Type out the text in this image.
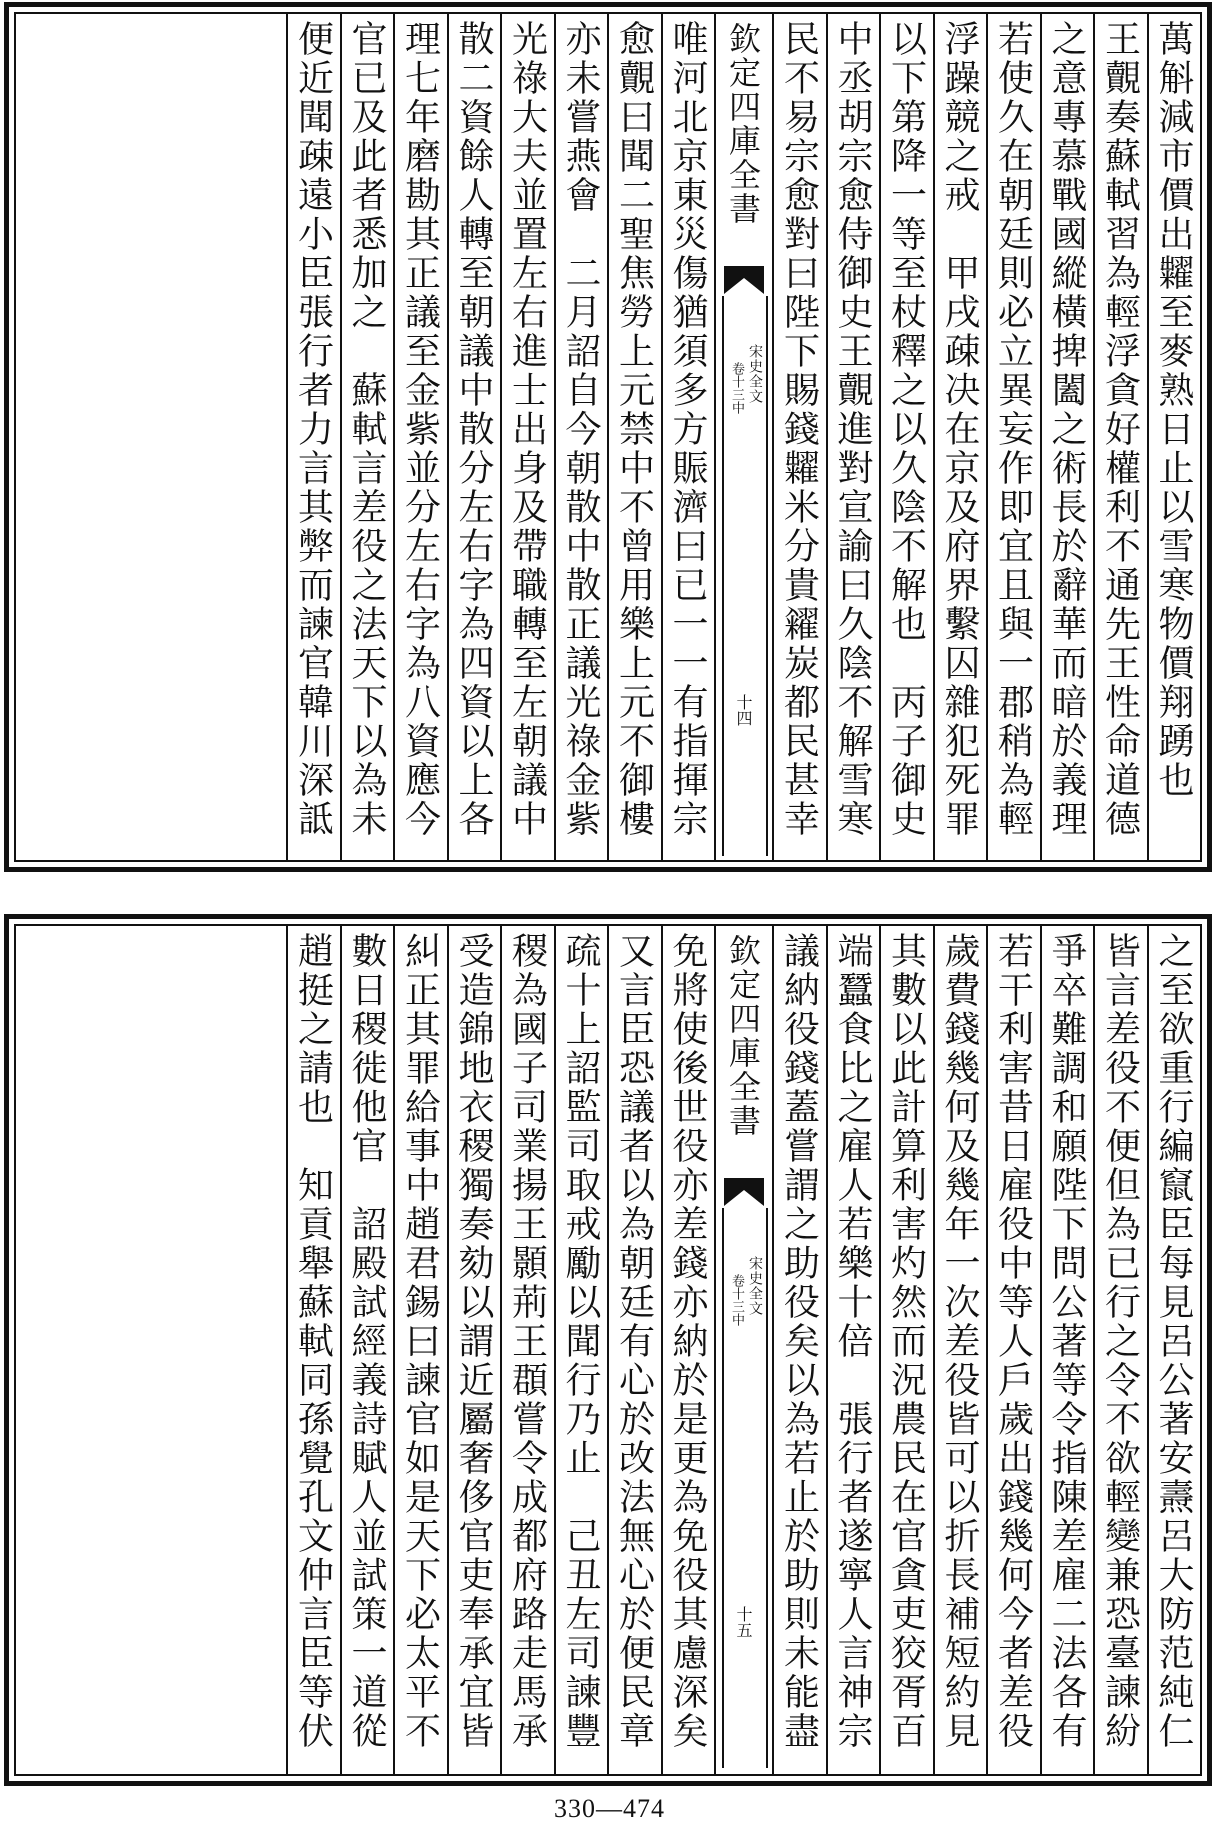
萬斛減市價出糶至麥熟日止以雪寒物價翔踴也
王覿奏蘇軾習為輕浮貪好權利不通先王性命道德
之意專慕戰國縱橫捭闔之術長於辭華而暗於義理
若使久在朝廷則必立異妄作即宜且與一郡稍為輕
浮躁競之戒　甲戌疎决在京及府界繫囚雜犯死罪
以下第降一等至杖釋之以久陰不解也　丙子御史
中丞胡宗愈侍御史王覿進對宣諭曰久陰不解雪寒
民不易宗愈對曰陛下賜錢糶米分貴糴炭都民甚幸
欽定四庫全書
宋史全文
卷十三中
十四
唯河北京東災傷猶須多方賑濟曰已一一有指揮宗
愈覿曰聞二聖焦勞上元禁中不曾用樂上元不御樓
亦未嘗燕會　二月詔自今朝散中散正議光祿金紫
光祿大夫並置左右進士出身及帶職轉至左朝議中
散二資餘人轉至朝議中散分左右字為四資以上各
理七年磨勘其正議至金紫並分左右字為八資應今
官已及此者悉加之　蘇軾言差役之法天下以為未
便近聞疎遠小臣張行者力言其弊而諫官韓川深詆
之至欲重行編竄臣每見呂公著安燾呂大防范純仁
皆言差役不便但為已行之令不欲輕變兼恐臺諫紛
爭卒難調和願陛下問公著等令指陳差雇二法各有
若干利害昔日雇役中等人戶歲出錢幾何今者差役
歲費錢幾何及幾年一次差役皆可以折長補短約見
其數以此計算利害灼然而況農民在官貪吏狡胥百
端蠶食比之雇人若樂十倍　張行者遂寧人言神宗
議納役錢蓋嘗謂之助役矣以為若止於助則未能盡
欽定四庫全書
宋史全文
卷十三中
十五
免將使後世役亦差錢亦納於是更為免役其慮深矣
又言臣恐議者以為朝廷有心於改法無心於便民章
疏十上詔監司取戒勵以聞行乃止　己丑左司諫豐
稷為國子司業揚王顥荊王頵嘗令成都府路走馬承
受造錦地衣稷獨奏劾以謂近屬奢侈官吏奉承宜皆
糾正其罪給事中趙君錫曰諫官如是天下必太平不
數日稷徙他官　詔殿試經義詩賦人並試策一道從
趙挺之請也　知貢舉蘇軾同孫覺孔文仲言臣等伏
330—474
